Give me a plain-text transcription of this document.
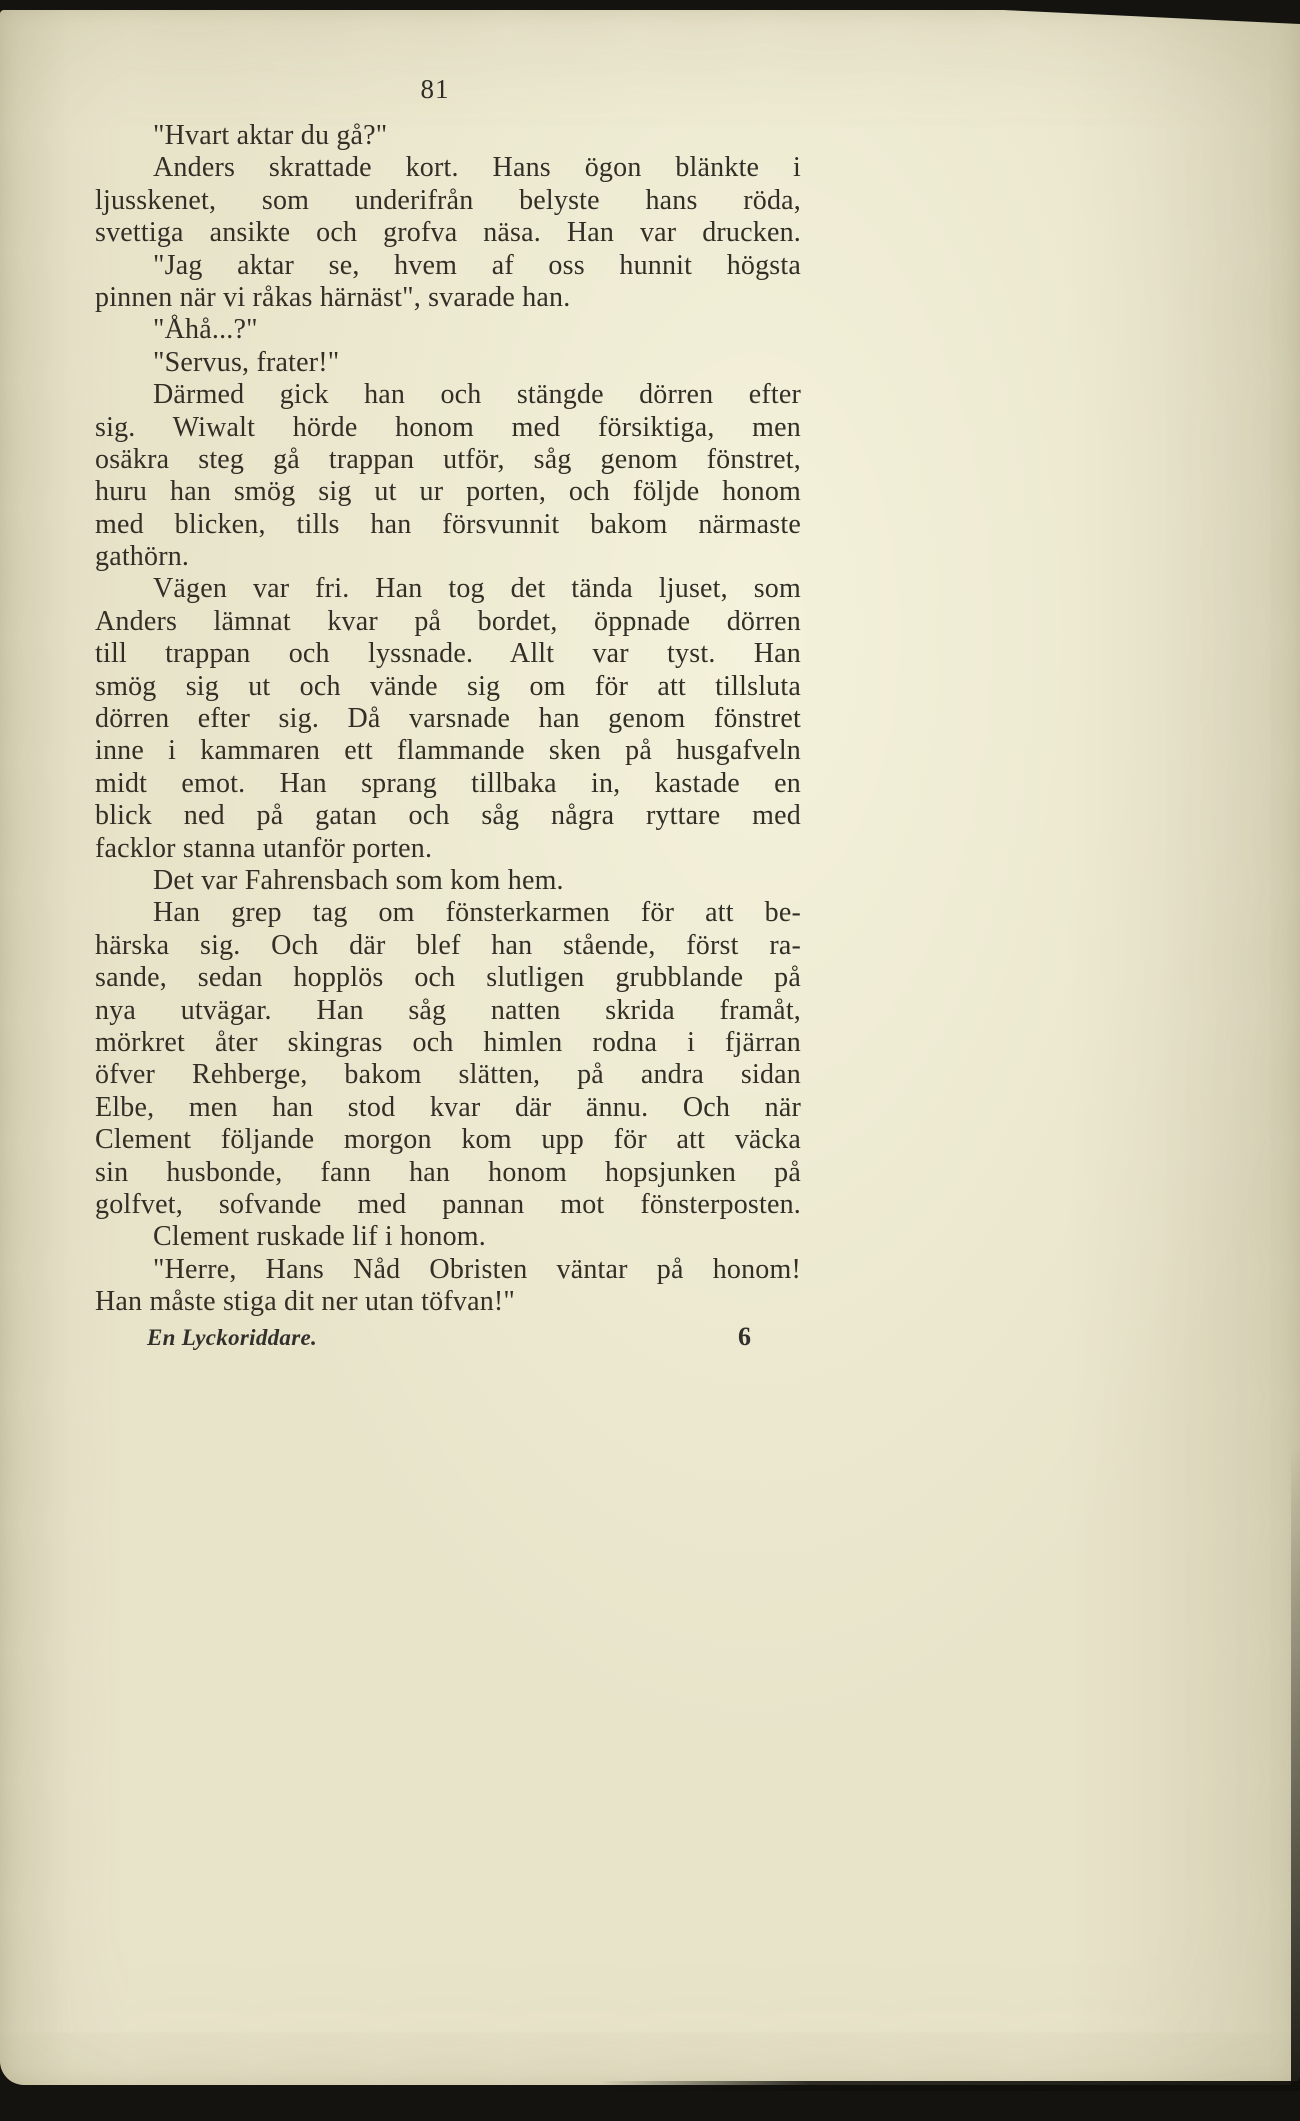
81
"Hvart aktar du gå?"
Anders skrattade kort. Hans ögon blänkte i
ljusskenet, som underifrån belyste hans röda,
svettiga ansikte och grofva näsa. Han var drucken.
"Jag aktar se, hvem af oss hunnit högsta
pinnen när vi råkas härnäst", svarade han.
"Åhå...?"
"Servus, frater!"
Därmed gick han och stängde dörren efter
sig. Wiwalt hörde honom med försiktiga, men
osäkra steg gå trappan utför, såg genom fönstret,
huru han smög sig ut ur porten, och följde honom
med blicken, tills han försvunnit bakom närmaste
gathörn.
Vägen var fri. Han tog det tända ljuset, som
Anders lämnat kvar på bordet, öppnade dörren
till trappan och lyssnade. Allt var tyst. Han
smög sig ut och vände sig om för att tillsluta
dörren efter sig. Då varsnade han genom fönstret
inne i kammaren ett flammande sken på husgafveln
midt emot. Han sprang tillbaka in, kastade en
blick ned på gatan och såg några ryttare med
facklor stanna utanför porten.
Det var Fahrensbach som kom hem.
Han grep tag om fönsterkarmen för att be-
härska sig. Och där blef han stående, först ra-
sande, sedan hopplös och slutligen grubblande på
nya utvägar. Han såg natten skrida framåt,
mörkret åter skingras och himlen rodna i fjärran
öfver Rehberge, bakom slätten, på andra sidan
Elbe, men han stod kvar där ännu. Och när
Clement följande morgon kom upp för att väcka
sin husbonde, fann han honom hopsjunken på
golfvet, sofvande med pannan mot fönsterposten.
Clement ruskade lif i honom.
"Herre, Hans Nåd Obristen väntar på honom!
Han måste stiga dit ner utan töfvan!"
En Lyckoriddare.	6
